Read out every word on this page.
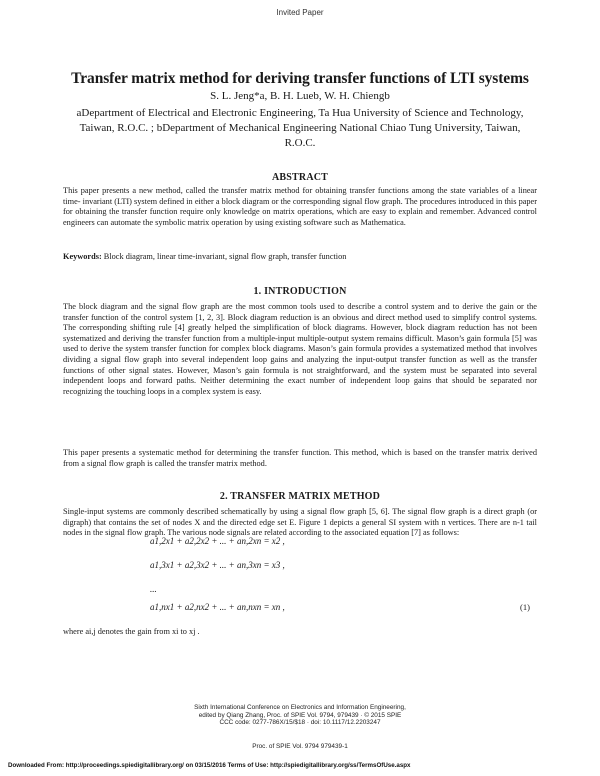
Invited Paper
Transfer matrix method for deriving transfer functions of LTI systems
S. L. Jeng*a, B. H. Lueb, W. H. Chiengb
aDepartment of Electrical and Electronic Engineering, Ta Hua University of Science and Technology, Taiwan, R.O.C. ; bDepartment of Mechanical Engineering National Chiao Tung University, Taiwan, R.O.C.
ABSTRACT
This paper presents a new method, called the transfer matrix method for obtaining transfer functions among the state variables of a linear time- invariant (LTI) system defined in either a block diagram or the corresponding signal flow graph. The procedures introduced in this paper for obtaining the transfer function require only knowledge on matrix operations, which are easy to explain and remember. Advanced control engineers can automate the symbolic matrix operation by using existing software such as Mathematica.
Keywords: Block diagram, linear time-invariant, signal flow graph, transfer function
1. INTRODUCTION
The block diagram and the signal flow graph are the most common tools used to describe a control system and to derive the gain or the transfer function of the control system [1, 2, 3]. Block diagram reduction is an obvious and direct method used to simplify control systems. The corresponding shifting rule [4] greatly helped the simplification of block diagrams. However, block diagram reduction has not been systematized and deriving the transfer function from a multiple-input multiple-output system remains difficult. Mason’s gain formula [5] was used to derive the system transfer function for complex block diagrams. Mason’s gain formula provides a systematized method that involves dividing a signal flow graph into several independent loop gains and analyzing the input-output transfer function as well as the transfer functions of other signal states. However, Mason’s gain formula is not straightforward, and the system must be separated into several independent loops and forward paths. Neither determining the exact number of independent loop gains that should be separated nor recognizing the touching loops in a complex system is easy.
This paper presents a systematic method for determining the transfer function. This method, which is based on the transfer matrix derived from a signal flow graph is called the transfer matrix method.
2. TRANSFER MATRIX METHOD
Single-input systems are commonly described schematically by using a signal flow graph [5, 6]. The signal flow graph is a direct graph (or digraph) that contains the set of nodes X and the directed edge set E. Figure 1 depicts a general SI system with n vertices. There are n-1 tail nodes in the signal flow graph. The various node signals are related according to the associated equation [7] as follows:
a1,2x1 + a2,2x2 + ... + an,2xn = x2 ,
a1,3x1 + a2,3x2 + ... + an,3xn = x3 ,
...
a1,nx1 + a2,nx2 + ... + an,nxn = xn ,	(1)
where ai,j denotes the gain from xi to xj .
Sixth International Conference on Electronics and Information Engineering,
edited by Qiang Zhang, Proc. of SPIE Vol. 9794, 979439 · © 2015 SPIE
CCC code: 0277-786X/15/$18 · doi: 10.1117/12.2203247
Proc. of SPIE Vol. 9794 979439-1
Downloaded From: http://proceedings.spiedigitallibrary.org/ on 03/15/2016 Terms of Use: http://spiedigitallibrary.org/ss/TermsOfUse.aspx
